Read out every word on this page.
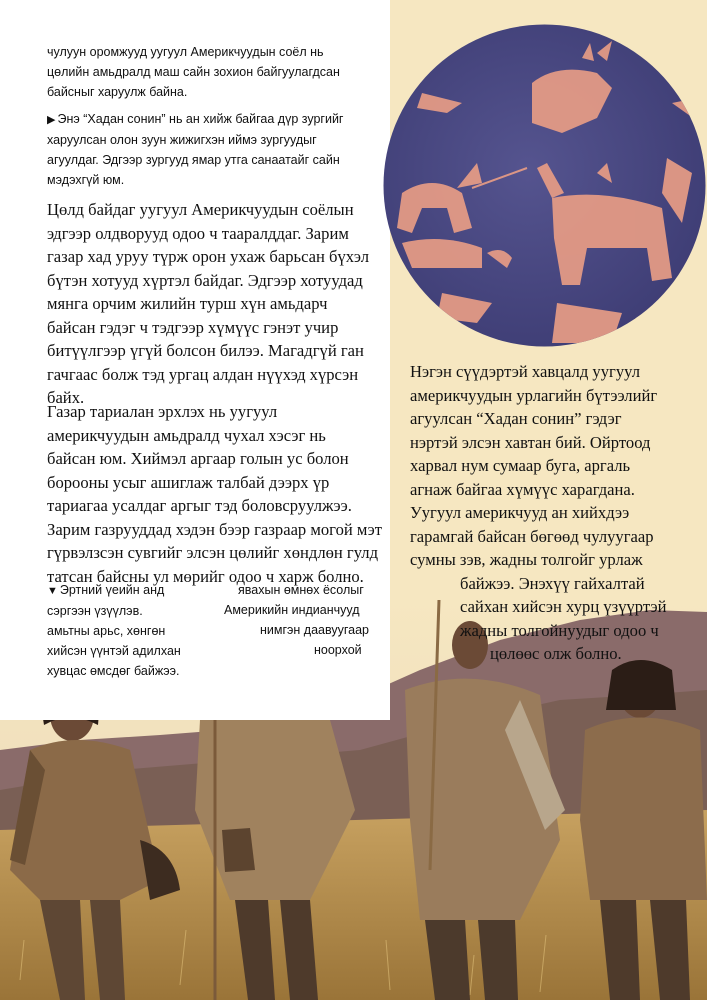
чулуун оромжууд уугуул Америкчуудын соёл нь
цөлийн амьдралд маш сайн зохион байгуулагдсан
байсныг харуулж байна.
▶ Энэ “Хадан сонин” нь ан хийж байгаа дүр зургийг
харуулсан олон зуун жижигхэн иймэ зургуудыг
агуулдаг. Эдгээр зургууд ямар утга санаатайг сайн
мэдэхгүй юм.
Цөлд байдаг уугуул Америкчуудын соёлын
эдгээр олдворууд одоо ч тааралддаг. Зарим
газар хад уруу түрж орон ухаж барьсан бүхэл
бүтэн хотууд хүртэл байдаг. Эдгээр хотуудад
мянга орчим жилийн турш хүн амьдарч
байсан гэдэг ч тэдгээр хүмүүс гэнэт учир
битүүлгээр үгүй болсон билээ. Магадгүй ган
гачгаас болж тэд ургац алдан нүүхэд хүрсэн
байх.
Газар тариалан эрхлэх нь уугуул
америкчуудын амьдралд чухал хэсэг нь
байсан юм. Хиймэл аргаар голын ус болон
борооны усыг ашиглаж талбай дээрх үр
тариагаа усалдаг аргыг тэд боловсруулжээ.
Зарим газрууддад хэдэн бээр газраар могой мэт
гүрвэлзсэн сувгийг элсэн цөлийг хөндлөн гулд
татсан байсны ул мөрийг одоо ч харж болно.
Нэгэн сүүдэртэй хавцалд уугуул
америкчуудын урлагийн бүтээлийг
агуулсан “Хадан сонин” гэдэг
нэртэй элсэн хавтан бий. Ойртоод
харвал нум сумаар буга, аргаль
агнаж байгаа хүмүүс харагдана.
Уугуул америкчууд ан хийхдээ
гарамгай байсан бөгөөд чулуугаар
сумны зэв, жадны толгойг урлаж
байжээ. Энэхүү гайхалтай
сайхан хийсэн хурц үзүүртэй
жадны толгойнуудыг одоо ч
цөлөөс олж болно.
▼ Эртний үеийн анд
сэргээн үзүүлэв.
амьтны арьс, хөнгөн
хийсэн үүнтэй адилхан
хувцас өмсдөг байжээ.
явахын өмнөх ёсолыг
Америкийн индианчууд
нимгэн даавуугаар
ноорхой
